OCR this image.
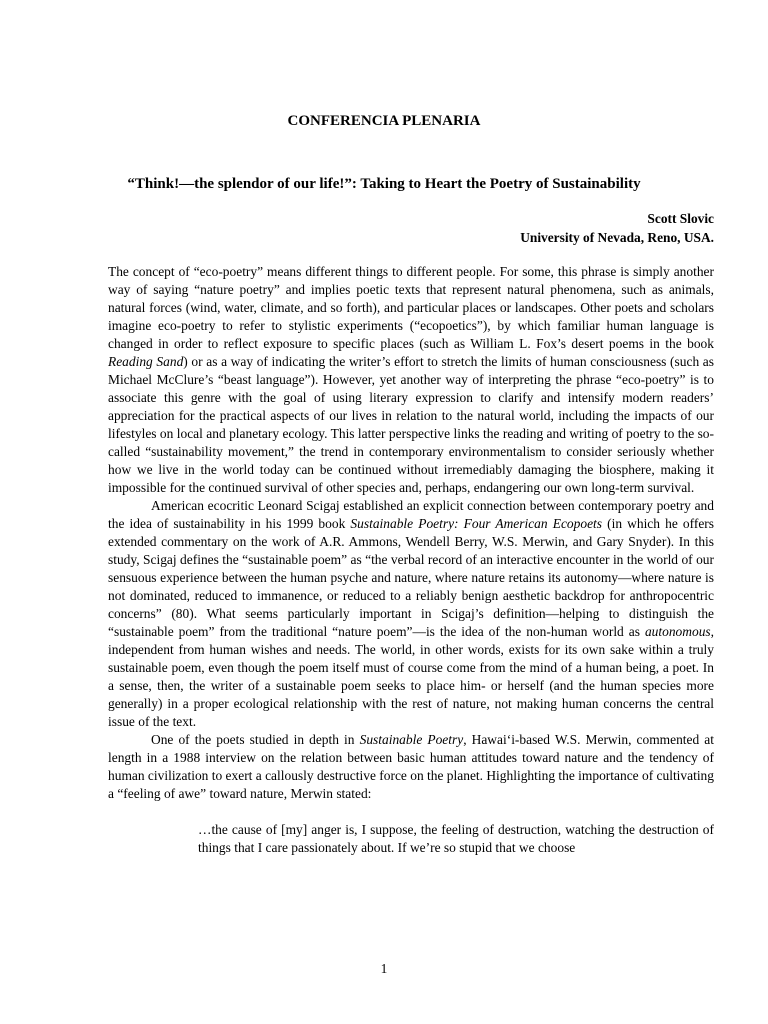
CONFERENCIA PLENARIA
“Think!—the splendor of our life!”: Taking to Heart the Poetry of Sustainability
Scott Slovic
University of Nevada, Reno, USA.

The concept of “eco-poetry” means different things to different people. For some, this phrase is simply another way of saying “nature poetry” and implies poetic texts that represent natural phenomena, such as animals, natural forces (wind, water, climate, and so forth), and particular places or landscapes. Other poets and scholars imagine eco-poetry to refer to stylistic experiments (“ecopoetics”), by which familiar human language is changed in order to reflect exposure to specific places (such as William L. Fox’s desert poems in the book Reading Sand) or as a way of indicating the writer’s effort to stretch the limits of human consciousness (such as Michael McClure’s “beast language”). However, yet another way of interpreting the phrase “eco-poetry” is to associate this genre with the goal of using literary expression to clarify and intensify modern readers’ appreciation for the practical aspects of our lives in relation to the natural world, including the impacts of our lifestyles on local and planetary ecology. This latter perspective links the reading and writing of poetry to the so-called “sustainability movement,” the trend in contemporary environmentalism to consider seriously whether how we live in the world today can be continued without irremediably damaging the biosphere, making it impossible for the continued survival of other species and, perhaps, endangering our own long-term survival.

American ecocritic Leonard Scigaj established an explicit connection between contemporary poetry and the idea of sustainability in his 1999 book Sustainable Poetry: Four American Ecopoets (in which he offers extended commentary on the work of A.R. Ammons, Wendell Berry, W.S. Merwin, and Gary Snyder). In this study, Scigaj defines the “sustainable poem” as “the verbal record of an interactive encounter in the world of our sensuous experience between the human psyche and nature, where nature retains its autonomy—where nature is not dominated, reduced to immanence, or reduced to a reliably benign aesthetic backdrop for anthropocentric concerns” (80). What seems particularly important in Scigaj’s definition—helping to distinguish the “sustainable poem” from the traditional “nature poem”—is the idea of the non-human world as autonomous, independent from human wishes and needs. The world, in other words, exists for its own sake within a truly sustainable poem, even though the poem itself must of course come from the mind of a human being, a poet. In a sense, then, the writer of a sustainable poem seeks to place him- or herself (and the human species more generally) in a proper ecological relationship with the rest of nature, not making human concerns the central issue of the text.

One of the poets studied in depth in Sustainable Poetry, Hawai‘i-based W.S. Merwin, commented at length in a 1988 interview on the relation between basic human attitudes toward nature and the tendency of human civilization to exert a callously destructive force on the planet. Highlighting the importance of cultivating a “feeling of awe” toward nature, Merwin stated:

…the cause of [my] anger is, I suppose, the feeling of destruction, watching the destruction of things that I care passionately about. If we’re so stupid that we choose

1
